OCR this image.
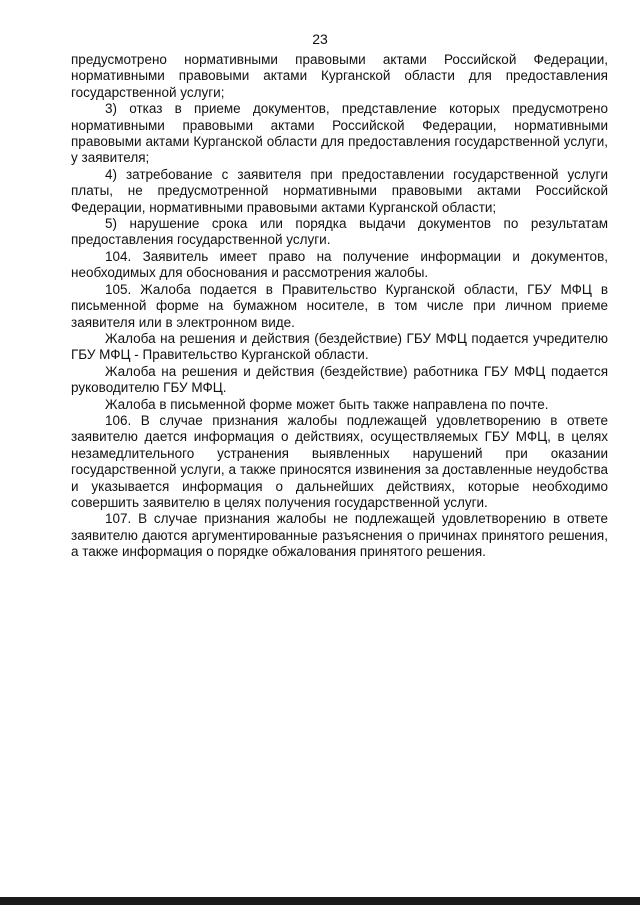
23

предусмотрено нормативными правовыми актами Российской Федерации, нормативными правовыми актами Курганской области для предоставления государственной услуги;

3) отказ в приеме документов, представление которых предусмотрено нормативными правовыми актами Российской Федерации, нормативными правовыми актами Курганской области для предоставления государственной услуги, у заявителя;

4) затребование с заявителя при предоставлении государственной услуги платы, не предусмотренной нормативными правовыми актами Российской Федерации, нормативными правовыми актами Курганской области;

5) нарушение срока или порядка выдачи документов по результатам предоставления государственной услуги.

104. Заявитель имеет право на получение информации и документов, необходимых для обоснования и рассмотрения жалобы.

105. Жалоба подается в Правительство Курганской области, ГБУ МФЦ в письменной форме на бумажном носителе, в том числе при личном приеме заявителя или в электронном виде.

Жалоба на решения и действия (бездействие) ГБУ МФЦ подается учредителю ГБУ МФЦ - Правительство Курганской области.

Жалоба на решения и действия (бездействие) работника ГБУ МФЦ подается руководителю ГБУ МФЦ.

Жалоба в письменной форме может быть также направлена по почте.

106. В случае признания жалобы подлежащей удовлетворению в ответе заявителю дается информация о действиях, осуществляемых ГБУ МФЦ, в целях незамедлительного устранения выявленных нарушений при оказании государственной услуги, а также приносятся извинения за доставленные неудобства и указывается информация о дальнейших действиях, которые необходимо совершить заявителю в целях получения государственной услуги.

107. В случае признания жалобы не подлежащей удовлетворению в ответе заявителю даются аргументированные разъяснения о причинах принятого решения, а также информация о порядке обжалования принятого решения.
